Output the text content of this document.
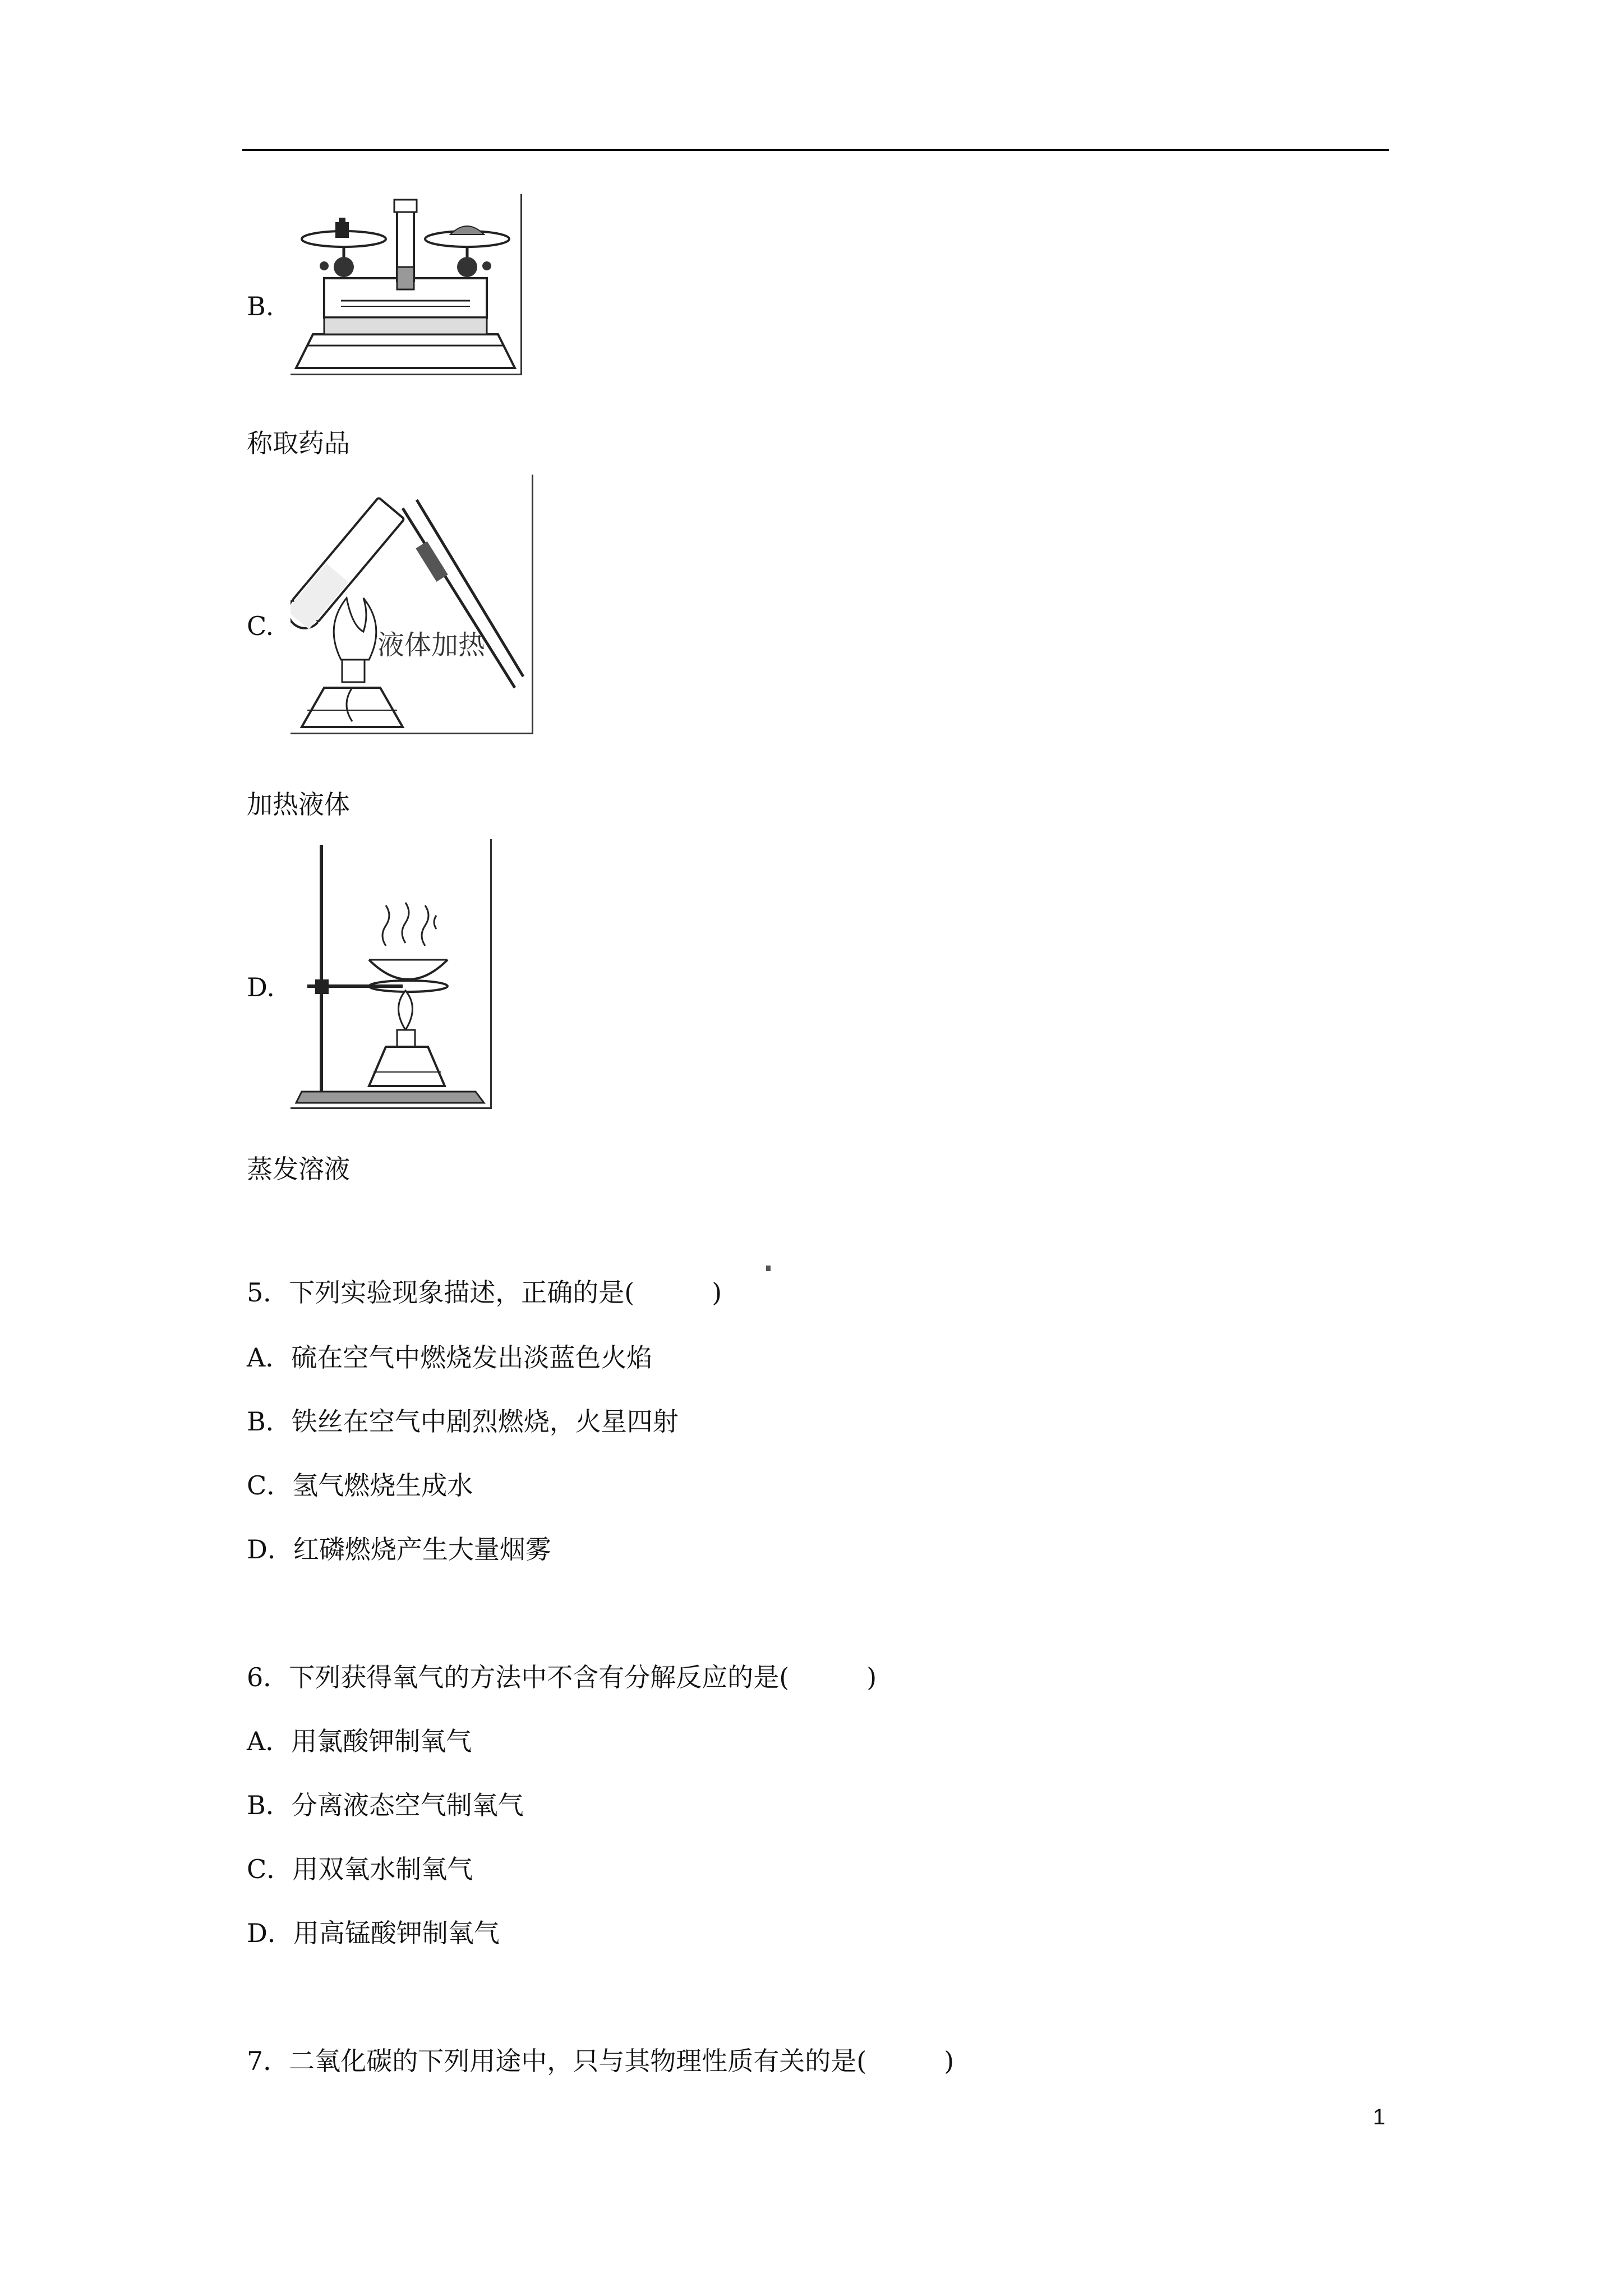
B.
称取药品
C.
液体加热
加热液体
D.
蒸发溶液
5．下列实验现象描述，正确的是(　　　)
A．硫在空气中燃烧发出淡蓝色火焰
B．铁丝在空气中剧烈燃烧，火星四射
C．氢气燃烧生成水
D．红磷燃烧产生大量烟雾
6．下列获得氧气的方法中不含有分解反应的是(　　　)
A．用氯酸钾制氧气
B．分离液态空气制氧气
C．用双氧水制氧气
D．用高锰酸钾制氧气
7．二氧化碳的下列用途中，只与其物理性质有关的是(　　　)
1
